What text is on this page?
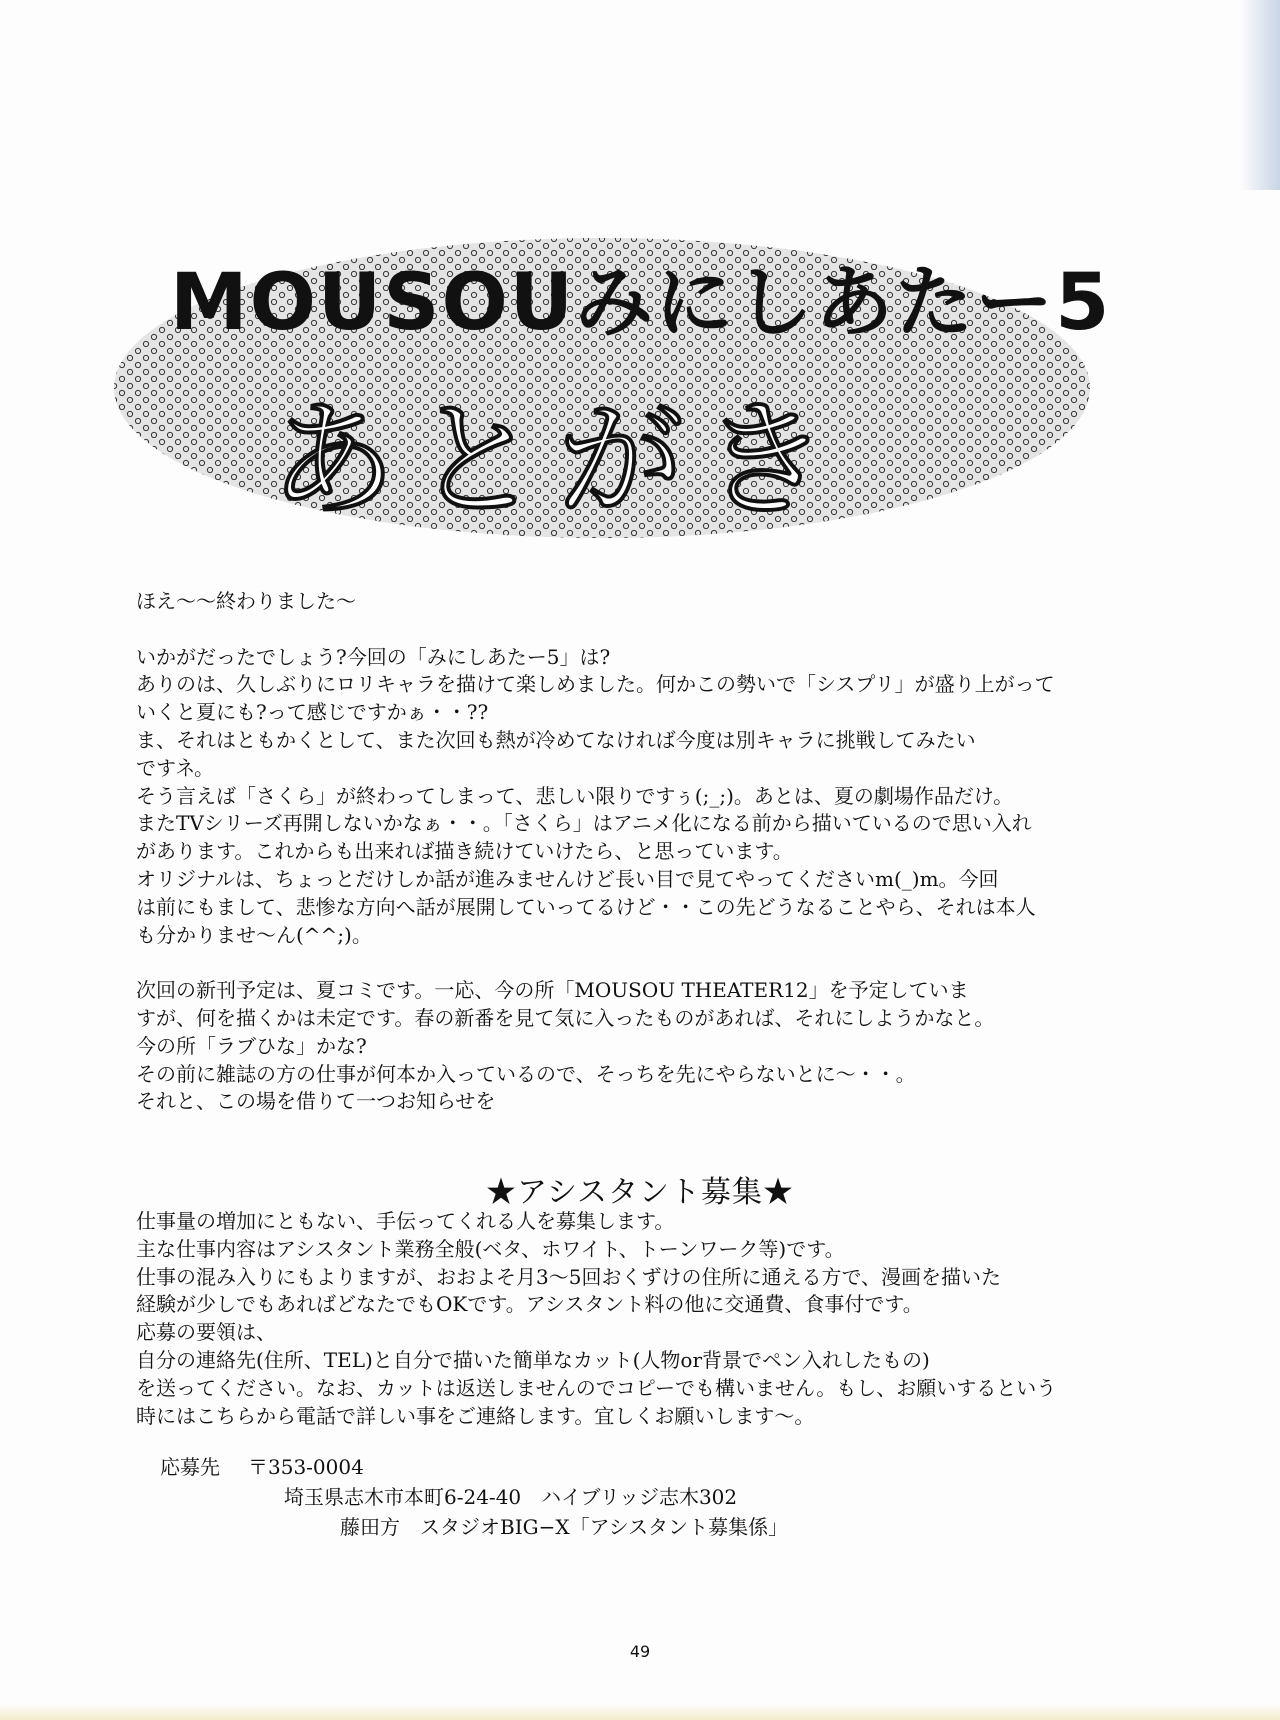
MOUSOUみにしあたー5
あとがき

ほえ〜〜終わりました〜

いかがだったでしょう?今回の「みにしあたー5」は?
ありのは、久しぶりにロリキャラを描けて楽しめました。何かこの勢いで「シスプリ」が盛り上がって
いくと夏にも?って感じですかぁ・・??
ま、それはともかくとして、また次回も熱が冷めてなければ今度は別キャラに挑戦してみたい
ですネ。
そう言えば「さくら」が終わってしまって、悲しい限りですぅ(;_;)。あとは、夏の劇場作品だけ。
またTVシリーズ再開しないかなぁ・・。「さくら」はアニメ化になる前から描いているので思い入れ
があります。これからも出来れば描き続けていけたら、と思っています。
オリジナルは、ちょっとだけしか話が進みませんけど長い目で見てやってくださいm(_)m。今回
は前にもまして、悲惨な方向へ話が展開していってるけど・・この先どうなることやら、それは本人
も分かりませ〜ん(^^;)。

次回の新刊予定は、夏コミです。一応、今の所「MOUSOU THEATER12」を予定していま
すが、何を描くかは未定です。春の新番を見て気に入ったものがあれば、それにしようかなと。
今の所「ラブひな」かな?
その前に雑誌の方の仕事が何本か入っているので、そっちを先にやらないとに〜・・。
それと、この場を借りて一つお知らせを

★アシスタント募集★

仕事量の増加にともない、手伝ってくれる人を募集します。
主な仕事内容はアシスタント業務全般(ベタ、ホワイト、トーンワーク等)です。
仕事の混み入りにもよりますが、おおよそ月3〜5回おくずけの住所に通える方で、漫画を描いた
経験が少しでもあればどなたでもOKです。アシスタント料の他に交通費、食事付です。
応募の要領は、
自分の連絡先(住所、TEL)と自分で描いた簡単なカット(人物or背景でペン入れしたもの)
を送ってください。なお、カットは返送しませんのでコピーでも構いません。もし、お願いするという
時にはこちらから電話で詳しい事をご連絡します。宜しくお願いします〜。

応募先	〒353-0004
埼玉県志木市本町6-24-40　ハイブリッジ志木302
藤田方　スタジオBIG−X「アシスタント募集係」
49
